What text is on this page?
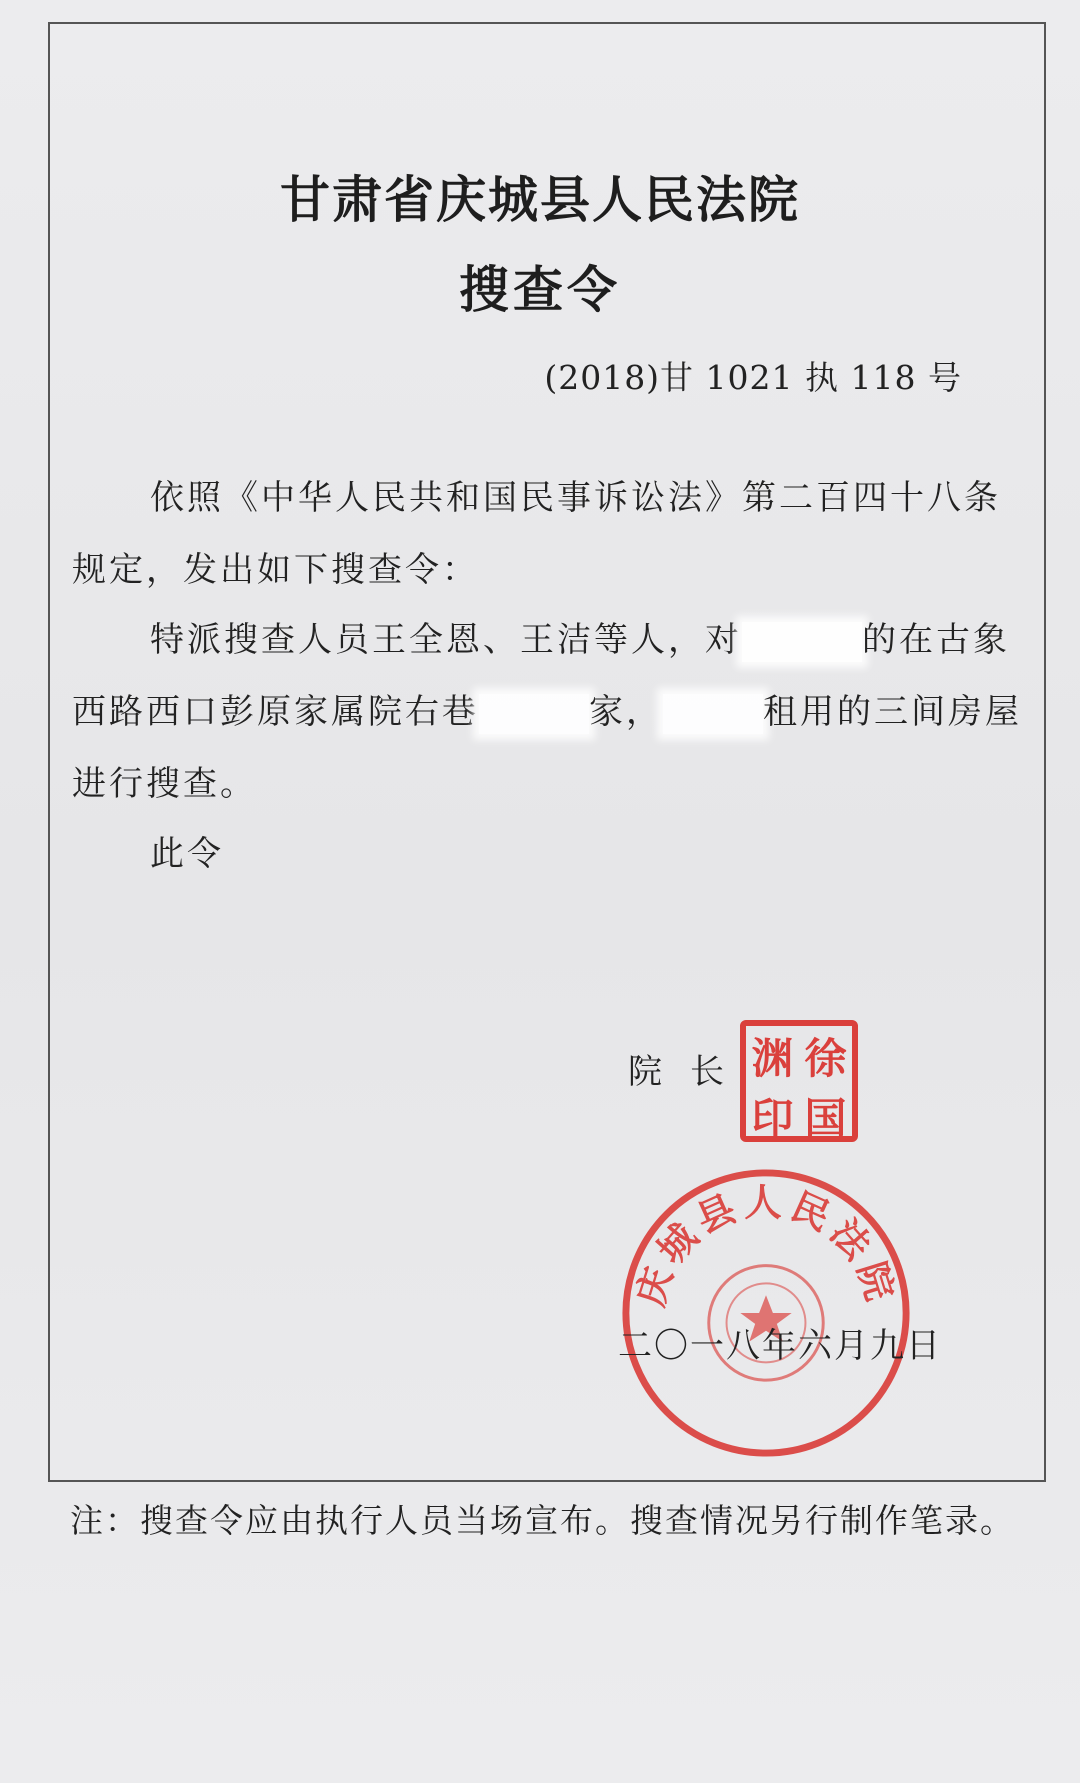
甘肃省庆城县人民法院
搜查令
(2018)甘 1021 执 118 号
依照《中华人民共和国民事诉讼法》第二百四十八条规定，发出如下搜查令：
特派搜查人员王全恩、王洁等人，对	的在古象西路西口彭原家属院右巷	家，	租用的三间房屋进行搜查。
此令
院长 渊 徐
印 国
庆城县人民法院
二〇一八年六月九日
注：搜查令应由执行人员当场宣布。搜查情况另行制作笔录。
